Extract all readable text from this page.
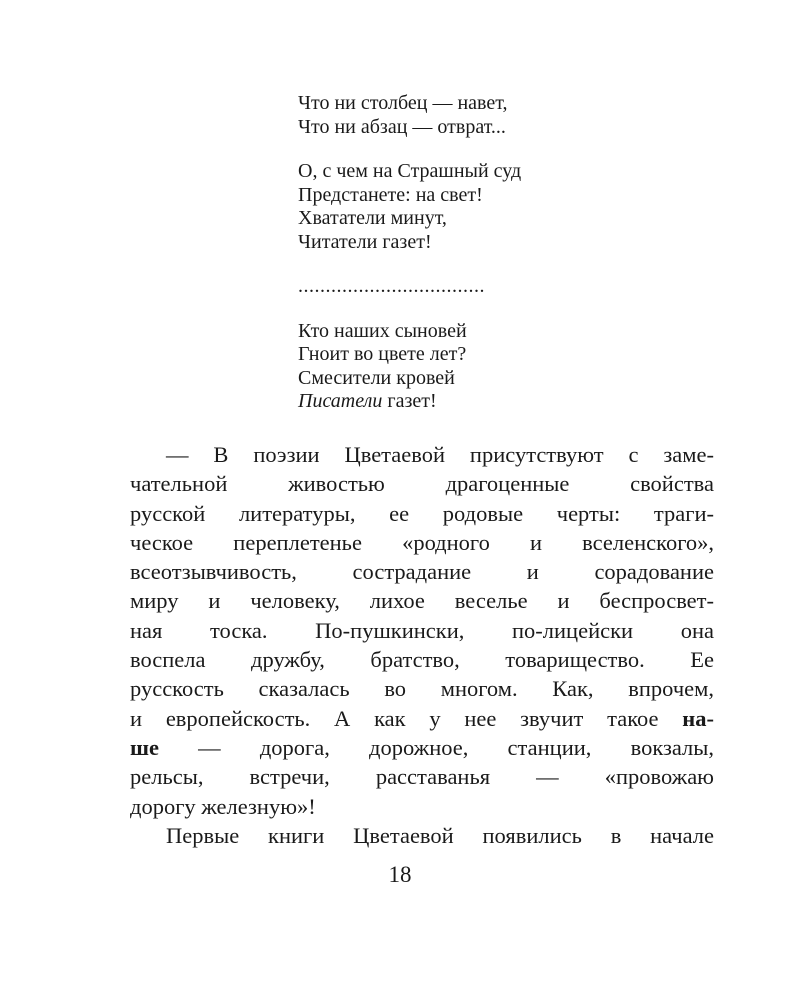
Что ни столбец — навет,
Что ни абзац — отврат...
О, с чем на Страшный суд
Предстанете: на свет!
Хвататели минут,
Читатели газет!
..................................
Кто наших сыновей
Гноит во цвете лет?
Смесители кровей
Писатели газет!
— В поэзии Цветаевой присутствуют с заме-
чательной живостью драгоценные свойства
русской литературы, ее родовые черты: траги-
ческое переплетенье «родного и вселенского»,
всеотзывчивость, сострадание и сорадование
миру и человеку, лихое веселье и беспросвет-
ная тоска. По-пушкински, по-лицейски она
воспела дружбу, братство, товарищество. Ее
русскость сказалась во многом. Как, впрочем,
и европейскость. А как у нее звучит такое на-
ше — дорога, дорожное, станции, вокзалы,
рельсы, встречи, расставанья — «провожаю
дорогу железную»!
Первые книги Цветаевой появились в начале
18
